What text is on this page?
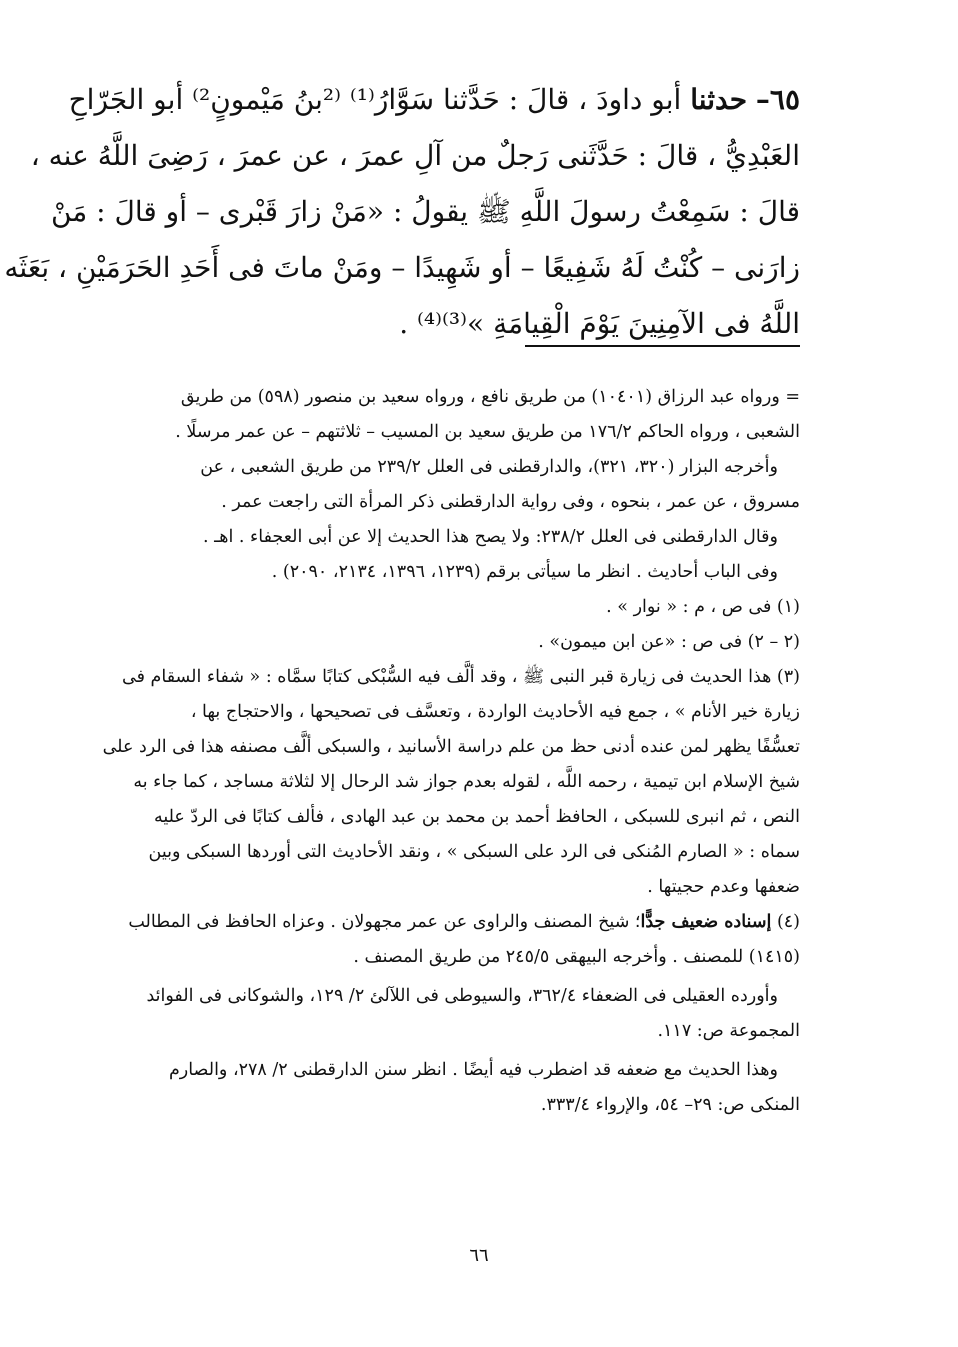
٦٥– حدثنا أبو داودَ ، قالَ : حَدَّثنا سَوَّارُ⁽¹⁾ ⁽²بنُ مَيْمونٍ²⁾ أبو الجَرّاحِ
العَبْدِيُّ ، قالَ : حَدَّثَنى رَجلٌ من آلِ عمرَ ، عن عمرَ ، رَضِىَ اللَّهُ عنه ،
قالَ : سَمِعْتُ رسولَ اللَّهِ ﷺ يقولُ : «مَنْ زارَ قَبْرى – أو قالَ : مَنْ
زارَنى – كُنْتُ لَهُ شَفِيعًا – أو شَهِيدًا – ومَنْ ماتَ فى أَحَدِ الحَرَمَيْنِ ، بَعَثَه
اللَّهُ فى الآمِنِينَ يَوْمَ الْقِيامَةِ »⁽³⁾⁽⁴⁾ .
= ورواه عبد الرزاق (١٠٤٠١) من طريق نافع ، ورواه سعيد بن منصور (٥٩٨) من طريق
الشعبى ، ورواه الحاكم ١٧٦/٢ من طريق سعيد بن المسيب – ثلاثتهم – عن عمر مرسلًا .
وأخرجه البزار (٣٢٠، ٣٢١)، والدارقطنى فى العلل ٢٣٩/٢ من طريق الشعبى ، عن
مسروق ، عن عمر ، بنحوه ، وفى رواية الدارقطنى ذكر المرأة التى راجعت عمر .
وقال الدارقطنى فى العلل ٢٣٨/٢: ولا يصح هذا الحديث إلا عن أبى العجفاء . اهـ .
وفى الباب أحاديث . انظر ما سيأتى برقم (١٢٣٩، ١٣٩٦، ٢١٣٤، ٢٠٩٠) .
(١) فى ص ، م : « نوار » .
(٢ – ٢) فى ص : «عن ابن ميمون» .
(٣) هذا الحديث فى زيارة قبر النبى ﷺ ، وقد ألَّف فيه السُّبْكى كتابًا سمَّاه : « شفاء السقام فى
زيارة خير الأنام » ، جمع فيه الأحاديث الواردة ، وتعسَّف فى تصحيحها ، والاحتجاج بها ،
تعسُّفًا يظهر لمن عنده أدنى حظ من علم دراسة الأسانيد ، والسبكى ألَّف مصنفه هذا فى الرد على
شيخ الإسلام ابن تيمية ، رحمه اللَّه ، لقوله بعدم جواز شد الرحال إلا لثلاثة مساجد ، كما جاء به
النص ، ثم انبرى للسبكى ، الحافظ أحمد بن محمد بن عبد الهادى ، فألف كتابًا فى الردّ عليه
سماه : « الصارم المُنكى فى الرد على السبكى » ، ونقد الأحاديث التى أوردها السبكى وبين
ضعفها وعدم حجيتها .
(٤) إسناده ضعيف جدًّا؛ شيخ المصنف والراوى عن عمر مجهولان . وعزاه الحافظ فى المطالب
(١٤١٥) للمصنف . وأخرجه البيهقى ٢٤٥/٥ من طريق المصنف .
وأورده العقيلى فى الضعفاء ٣٦٢/٤، والسيوطى فى اللآلئ ٢/ ١٢٩، والشوكانى فى الفوائد
المجموعة ص: ١١٧.
وهذا الحديث مع ضعفه قد اضطرب فيه أيضًا . انظر سنن الدارقطنى ٢/ ٢٧٨، والصارم
المنكى ص: ٢٩– ٥٤، والإرواء ٣٣٣/٤.
٦٦
